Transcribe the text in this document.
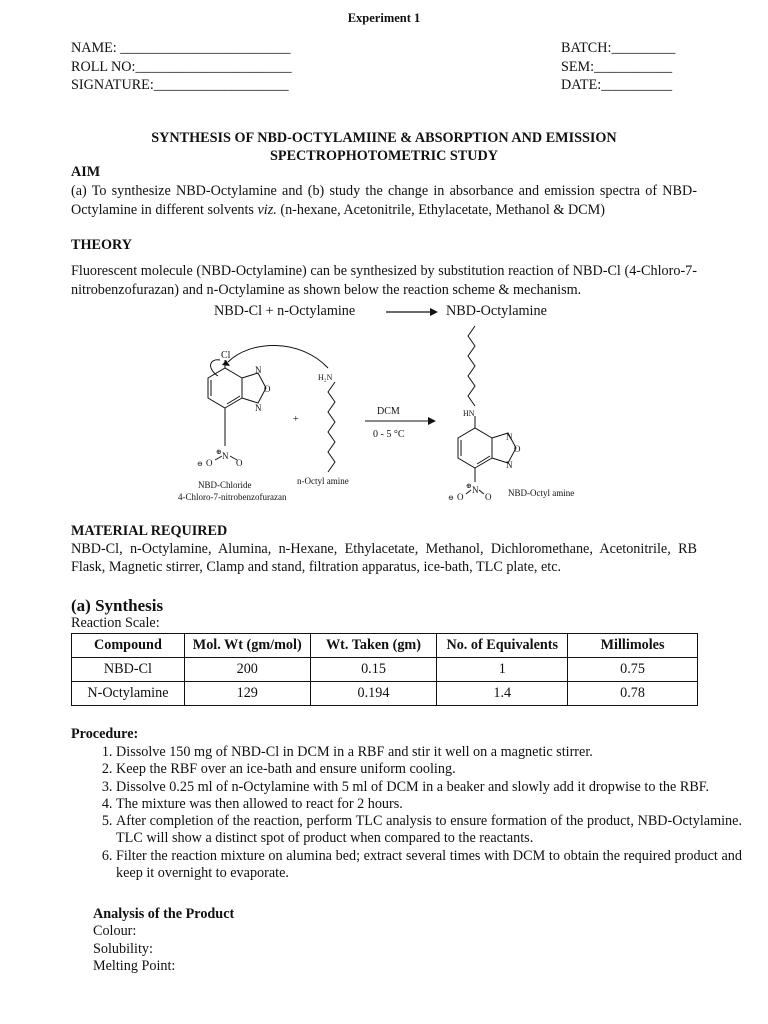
Experiment 1
NAME: ________________________
ROLL NO:______________________
SIGNATURE:___________________
BATCH:_________
SEM:___________
DATE:__________
SYNTHESIS OF NBD-OCTYLAMIINE & ABSORPTION AND EMISSION
SPECTROPHOTOMETRIC STUDY
AIM
(a) To synthesize NBD-Octylamine and (b) study the change in absorbance and emission spectra of NBD-Octylamine in different solvents viz. (n-hexane, Acetonitrile, Ethylacetate, Methanol & DCM)
THEORY
Fluorescent molecule (NBD-Octylamine) can be synthesized by substitution reaction of NBD-Cl (4-Chloro-7-nitrobenzofurazan) and n-Octylamine as shown below the reaction scheme & mechanism.
NBD-Cl + n-Octylamine → NBD-Octylamine
Cl
H₂N
+
N
O
N
N
O	O
⊖
⊕
DCM
0 - 5 °C
HN
N
O
N
N
O O
⊖
⊕
NBD-Chloride
4-Chloro-7-nitrobenzofurazan
n-Octyl amine
NBD-Octyl amine
MATERIAL REQUIRED
NBD-Cl, n-Octylamine, Alumina, n-Hexane, Ethylacetate, Methanol, Dichloromethane, Acetonitrile, RB Flask, Magnetic stirrer, Clamp and stand, filtration apparatus, ice-bath, TLC plate, etc.
(a) Synthesis
Reaction Scale:
Compound	Mol. Wt (gm/mol)	Wt. Taken (gm)	No. of Equivalents	Millimoles
NBD-Cl	200	0.15	1	0.75
N-Octylamine	129	0.194	1.4	0.78
Procedure:
1. Dissolve 150 mg of NBD-Cl in DCM in a RBF and stir it well on a magnetic stirrer.
2. Keep the RBF over an ice-bath and ensure uniform cooling.
3. Dissolve 0.25 ml of n-Octylamine with 5 ml of DCM in a beaker and slowly add it dropwise to the RBF.
4. The mixture was then allowed to react for 2 hours.
5. After completion of the reaction, perform TLC analysis to ensure formation of the product, NBD-Octylamine. TLC will show a distinct spot of product when compared to the reactants.
6. Filter the reaction mixture on alumina bed; extract several times with DCM to obtain the required product and keep it overnight to evaporate.
Analysis of the Product
Colour:
Solubility:
Melting Point:
